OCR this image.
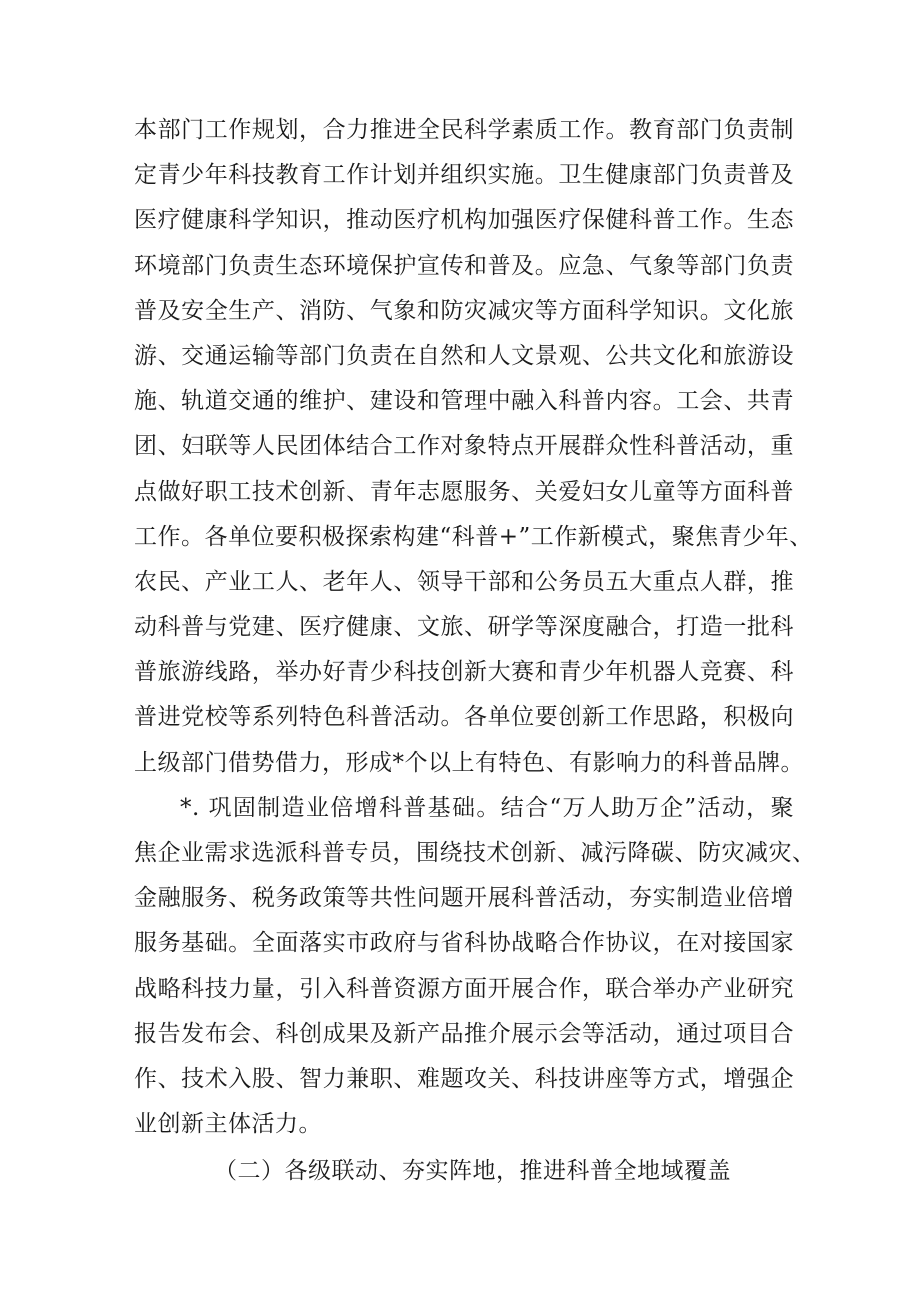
本部门工作规划，合力推进全民科学素质工作。教育部门负责制
定青少年科技教育工作计划并组织实施。卫生健康部门负责普及
医疗健康科学知识，推动医疗机构加强医疗保健科普工作。生态
环境部门负责生态环境保护宣传和普及。应急、气象等部门负责
普及安全生产、消防、气象和防灾减灾等方面科学知识。文化旅
游、交通运输等部门负责在自然和人文景观、公共文化和旅游设
施、轨道交通的维护、建设和管理中融入科普内容。工会、共青
团、妇联等人民团体结合工作对象特点开展群众性科普活动，重
点做好职工技术创新、青年志愿服务、关爱妇女儿童等方面科普
工作。各单位要积极探索构建“科普+”工作新模式，聚焦青少年、
农民、产业工人、老年人、领导干部和公务员五大重点人群，推
动科普与党建、医疗健康、文旅、研学等深度融合，打造一批科
普旅游线路，举办好青少科技创新大赛和青少年机器人竞赛、科
普进党校等系列特色科普活动。各单位要创新工作思路，积极向
上级部门借势借力，形成*个以上有特色、有影响力的科普品牌。
*. 巩固制造业倍增科普基础。结合“万人助万企”活动，聚
焦企业需求选派科普专员，围绕技术创新、减污降碳、防灾减灾、
金融服务、税务政策等共性问题开展科普活动，夯实制造业倍增
服务基础。全面落实市政府与省科协战略合作协议，在对接国家
战略科技力量，引入科普资源方面开展合作，联合举办产业研究
报告发布会、科创成果及新产品推介展示会等活动，通过项目合
作、技术入股、智力兼职、难题攻关、科技讲座等方式，增强企
业创新主体活力。
（二）各级联动、夯实阵地，推进科普全地域覆盖
